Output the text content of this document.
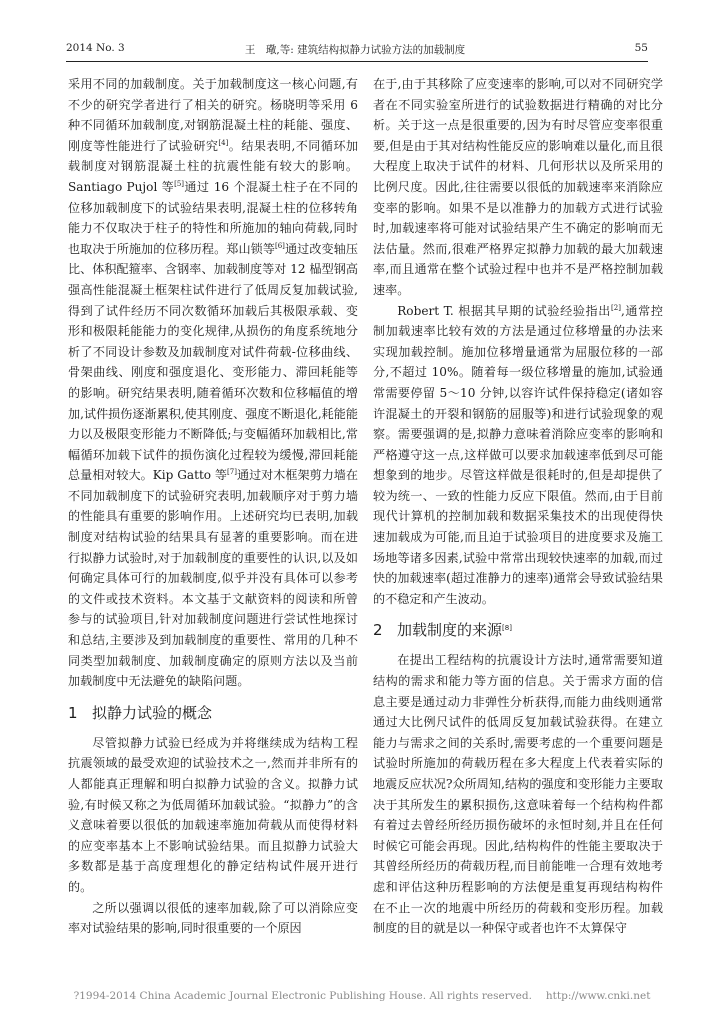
2014 No. 3	王　璥,等: 建筑结构拟静力试验方法的加载制度	55

采用不同的加载制度。关于加载制度这一核心问题,有不少的研究学者进行了相关的研究。杨晓明等采用 6 种不同循环加载制度,对钢筋混凝土柱的耗能、强度、刚度等性能进行了试验研究[4]。结果表明,不同循环加载制度对钢筋混凝土柱的抗震性能有较大的影响。Santiago Pujol 等[5]通过 16 个混凝土柱子在不同的位移加载制度下的试验结果表明,混凝土柱的位移转角能力不仅取决于柱子的特性和所施加的轴向荷载,同时也取决于所施加的位移历程。郑山锁等[6]通过改变轴压比、体积配箍率、含钢率、加载制度等对 12 榀型钢高强高性能混凝土框架柱试件进行了低周反复加载试验,得到了试件经历不同次数循环加载后其极限承载、变形和极限耗能能力的变化规律,从损伤的角度系统地分析了不同设计参数及加载制度对试件荷载-位移曲线、骨架曲线、刚度和强度退化、变形能力、滞回耗能等的影响。研究结果表明,随着循环次数和位移幅值的增加,试件损伤逐渐累积,使其刚度、强度不断退化,耗能能力以及极限变形能力不断降低;与变幅循环加载相比,常幅循环加载下试件的损伤演化过程较为缓慢,滞回耗能总量相对较大。Kip Gatto 等[7]通过对木框架剪力墙在不同加载制度下的试验研究表明,加载顺序对于剪力墙的性能具有重要的影响作用。上述研究均已表明,加载制度对结构试验的结果具有显著的重要影响。而在进行拟静力试验时,对于加载制度的重要性的认识,以及如何确定具体可行的加载制度,似乎并没有具体可以参考的文件或技术资料。本文基于文献资料的阅读和所曾参与的试验项目,针对加载制度问题进行尝试性地探讨和总结,主要涉及到加载制度的重要性、常用的几种不同类型加载制度、加载制度确定的原则方法以及当前加载制度中无法避免的缺陷问题。

1 拟静力试验的概念

尽管拟静力试验已经成为并将继续成为结构工程抗震领域的最受欢迎的试验技术之一,然而并非所有的人都能真正理解和明白拟静力试验的含义。拟静力试验,有时候又称之为低周循环加载试验。“拟静力”的含义意味着要以很低的加载速率施加荷载从而使得材料的应变率基本上不影响试验结果。而且拟静力试验大多数都是基于高度理想化的静定结构试件展开进行的。

之所以强调以很低的速率加载,除了可以消除应变率对试验结果的影响,同时很重要的一个原因

在于,由于其移除了应变速率的影响,可以对不同研究学者在不同实验室所进行的试验数据进行精确的对比分析。关于这一点是很重要的,因为有时尽管应变率很重要,但是由于其对结构性能反应的影响难以量化,而且很大程度上取决于试件的材料、几何形状以及所采用的比例尺度。因此,往往需要以很低的加载速率来消除应变率的影响。如果不是以准静力的加载方式进行试验时,加载速率将可能对试验结果产生不确定的影响而无法估量。然而,很难严格界定拟静力加载的最大加载速率,而且通常在整个试验过程中也并不是严格控制加载速率。

Robert T. 根据其早期的试验经验指出[2],通常控制加载速率比较有效的方法是通过位移增量的办法来实现加载控制。施加位移增量通常为屈服位移的一部分,不超过 10%。随着每一级位移增量的施加,试验通常需要停留 5～10 分钟,以容许试件保持稳定(诸如容许混凝土的开裂和钢筋的屈服等)和进行试验现象的观察。需要强调的是,拟静力意味着消除应变率的影响和严格遵守这一点,这样做可以要求加载速率低到尽可能想象到的地步。尽管这样做是很耗时的,但是却提供了较为统一、一致的性能力反应下限值。然而,由于目前现代计算机的控制加载和数据采集技术的出现使得快速加载成为可能,而且迫于试验项目的进度要求及施工场地等诸多因素,试验中常常出现较快速率的加载,而过快的加载速率(超过准静力的速率)通常会导致试验结果的不稳定和产生波动。

2 加载制度的来源[8]

在提出工程结构的抗震设计方法时,通常需要知道结构的需求和能力等方面的信息。关于需求方面的信息主要是通过动力非弹性分析获得,而能力曲线则通常通过大比例尺试件的低周反复加载试验获得。在建立能力与需求之间的关系时,需要考虑的一个重要问题是试验时所施加的荷载历程在多大程度上代表着实际的地震反应状况?众所周知,结构的强度和变形能力主要取决于其所发生的累积损伤,这意味着每一个结构构件都有着过去曾经所经历损伤破坏的永恒时刻,并且在任何时候它可能会再现。因此,结构构件的性能主要取决于其曾经所经历的荷载历程,而目前能唯一合理有效地考虑和评估这种历程影响的方法便是重复再现结构构件在不止一次的地震中所经历的荷载和变形历程。加载制度的目的就是以一种保守或者也许不太算保守

?1994-2014 China Academic Journal Electronic Publishing House. All rights reserved. http://www.cnki.net
